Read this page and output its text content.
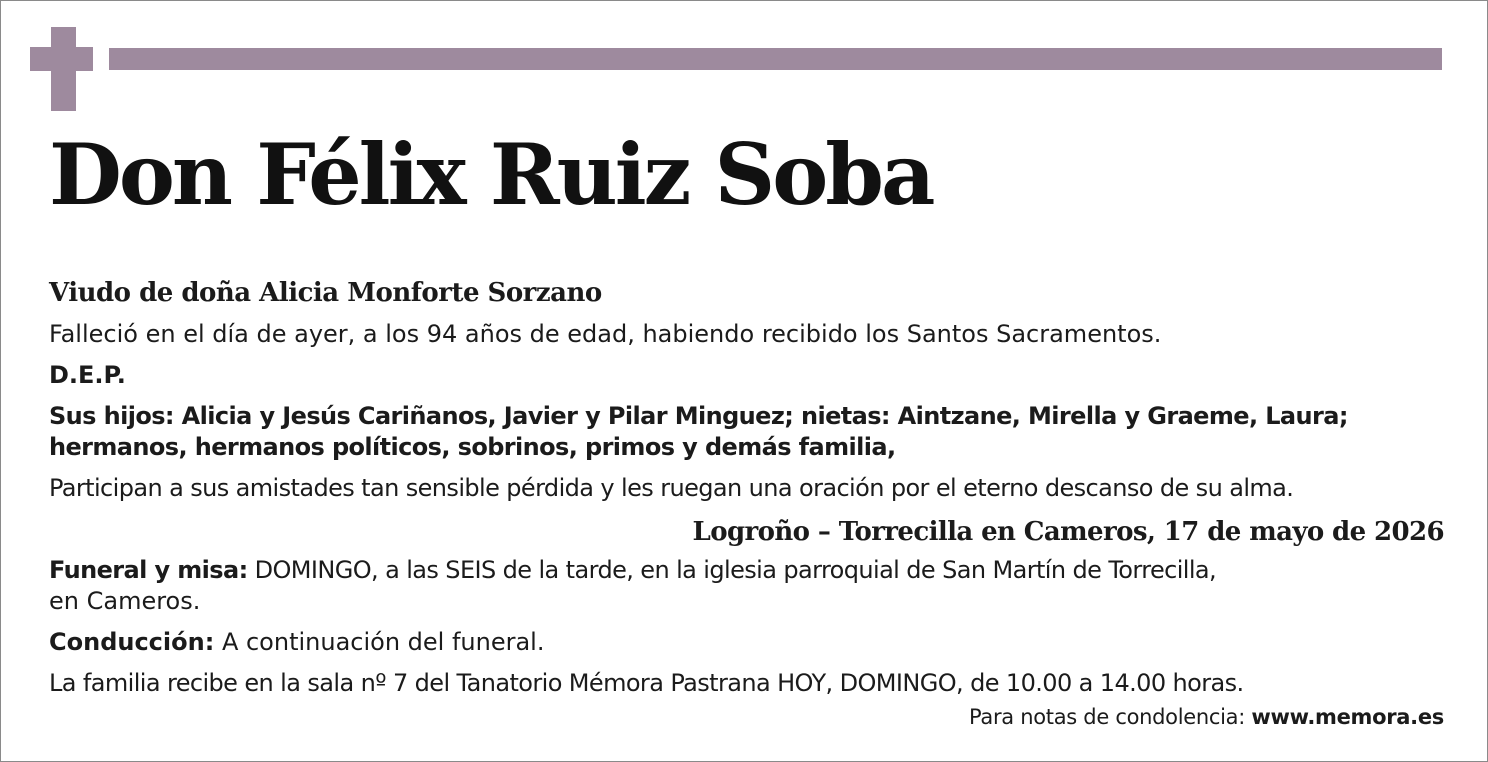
Don Félix Ruiz Soba

Viudo de doña Alicia Monforte Sorzano

Falleció en el día de ayer, a los 94 años de edad, habiendo recibido los Santos Sacramentos.

D.E.P.

Sus hijos: Alicia y Jesús Cariñanos, Javier y Pilar Minguez; nietas: Aintzane, Mirella y Graeme, Laura;

hermanos, hermanos políticos, sobrinos, primos y demás familia,

Participan a sus amistades tan sensible pérdida y les ruegan una oración por el eterno descanso de su alma.

Logroño – Torrecilla en Cameros, 17 de mayo de 2026

Funeral y misa: DOMINGO, a las SEIS de la tarde, en la iglesia parroquial de San Martín de Torrecilla,

en Cameros.

Conducción: A continuación del funeral.

La familia recibe en la sala nº 7 del Tanatorio Mémora Pastrana HOY, DOMINGO, de 10.00 a 14.00 horas.

Para notas de condolencia: www.memora.es
